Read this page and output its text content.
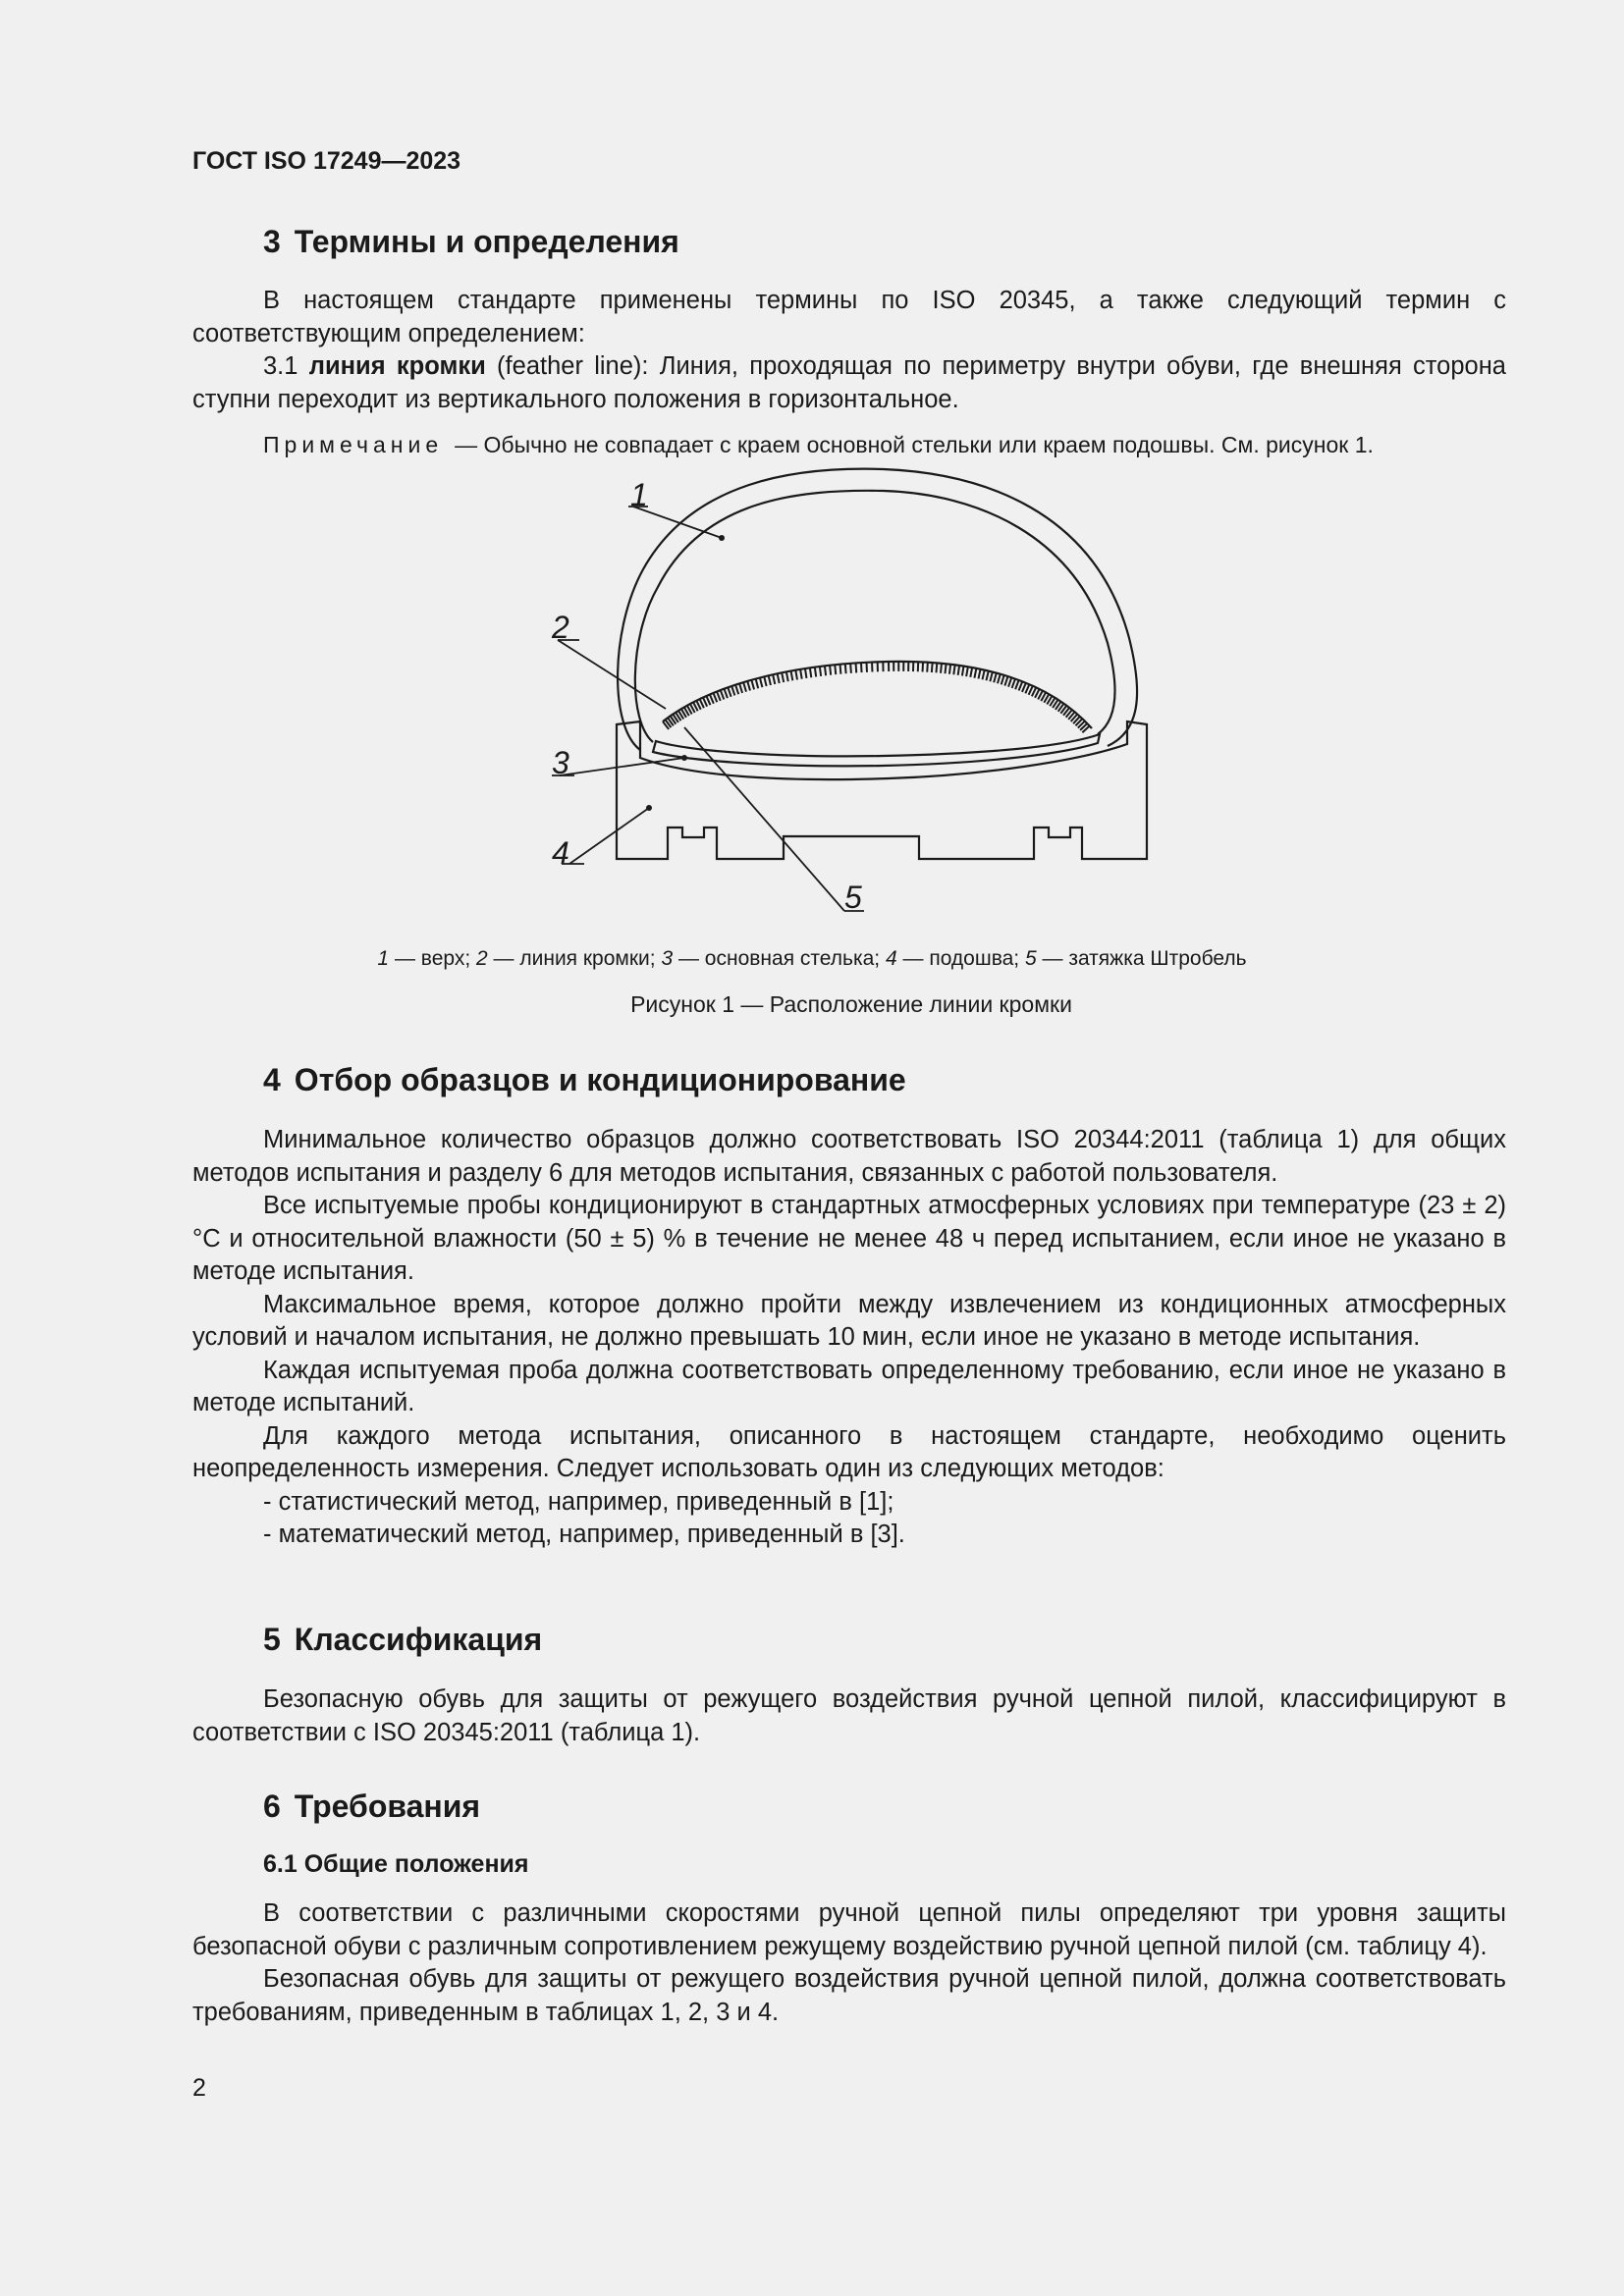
ГОСТ ISO 17249—2023
3 Термины и определения

В настоящем стандарте применены термины по ISO 20345, а также следующий термин с соответствующим определением:

3.1 линия кромки (feather line): Линия, проходящая по периметру внутри обуви, где внешняя сторона ступни переходит из вертикального положения в горизонтальное.

Примечание — Обычно не совпадает с краем основной стельки или краем подошвы. См. рисунок 1.
1
2
3
4
5
1 — верх; 2 — линия кромки; 3 — основная стелька; 4 — подошва; 5 — затяжка Штробель
Рисунок 1 — Расположение линии кромки
4 Отбор образцов и кондиционирование

Минимальное количество образцов должно соответствовать ISO 20344:2011 (таблица 1) для общих методов испытания и разделу 6 для методов испытания, связанных с работой пользователя.

Все испытуемые пробы кондиционируют в стандартных атмосферных условиях при температуре (23 ± 2) °С и относительной влажности (50 ± 5) % в течение не менее 48 ч перед испытанием, если иное не указано в методе испытания.

Максимальное время, которое должно пройти между извлечением из кондиционных атмосферных условий и началом испытания, не должно превышать 10 мин, если иное не указано в методе испытания.

Каждая испытуемая проба должна соответствовать определенному требованию, если иное не указано в методе испытаний.

Для каждого метода испытания, описанного в настоящем стандарте, необходимо оценить неопределенность измерения. Следует использовать один из следующих методов:

- статистический метод, например, приведенный в [1];

- математический метод, например, приведенный в [3].

5 Классификация

Безопасную обувь для защиты от режущего воздействия ручной цепной пилой, классифицируют в соответствии с ISO 20345:2011 (таблица 1).

6 Требования
6.1 Общие положения

В соответствии с различными скоростями ручной цепной пилы определяют три уровня защиты безопасной обуви с различным сопротивлением режущему воздействию ручной цепной пилой (см. таблицу 4).

Безопасная обувь для защиты от режущего воздействия ручной цепной пилой, должна соответствовать требованиям, приведенным в таблицах 1, 2, 3 и 4.

2
